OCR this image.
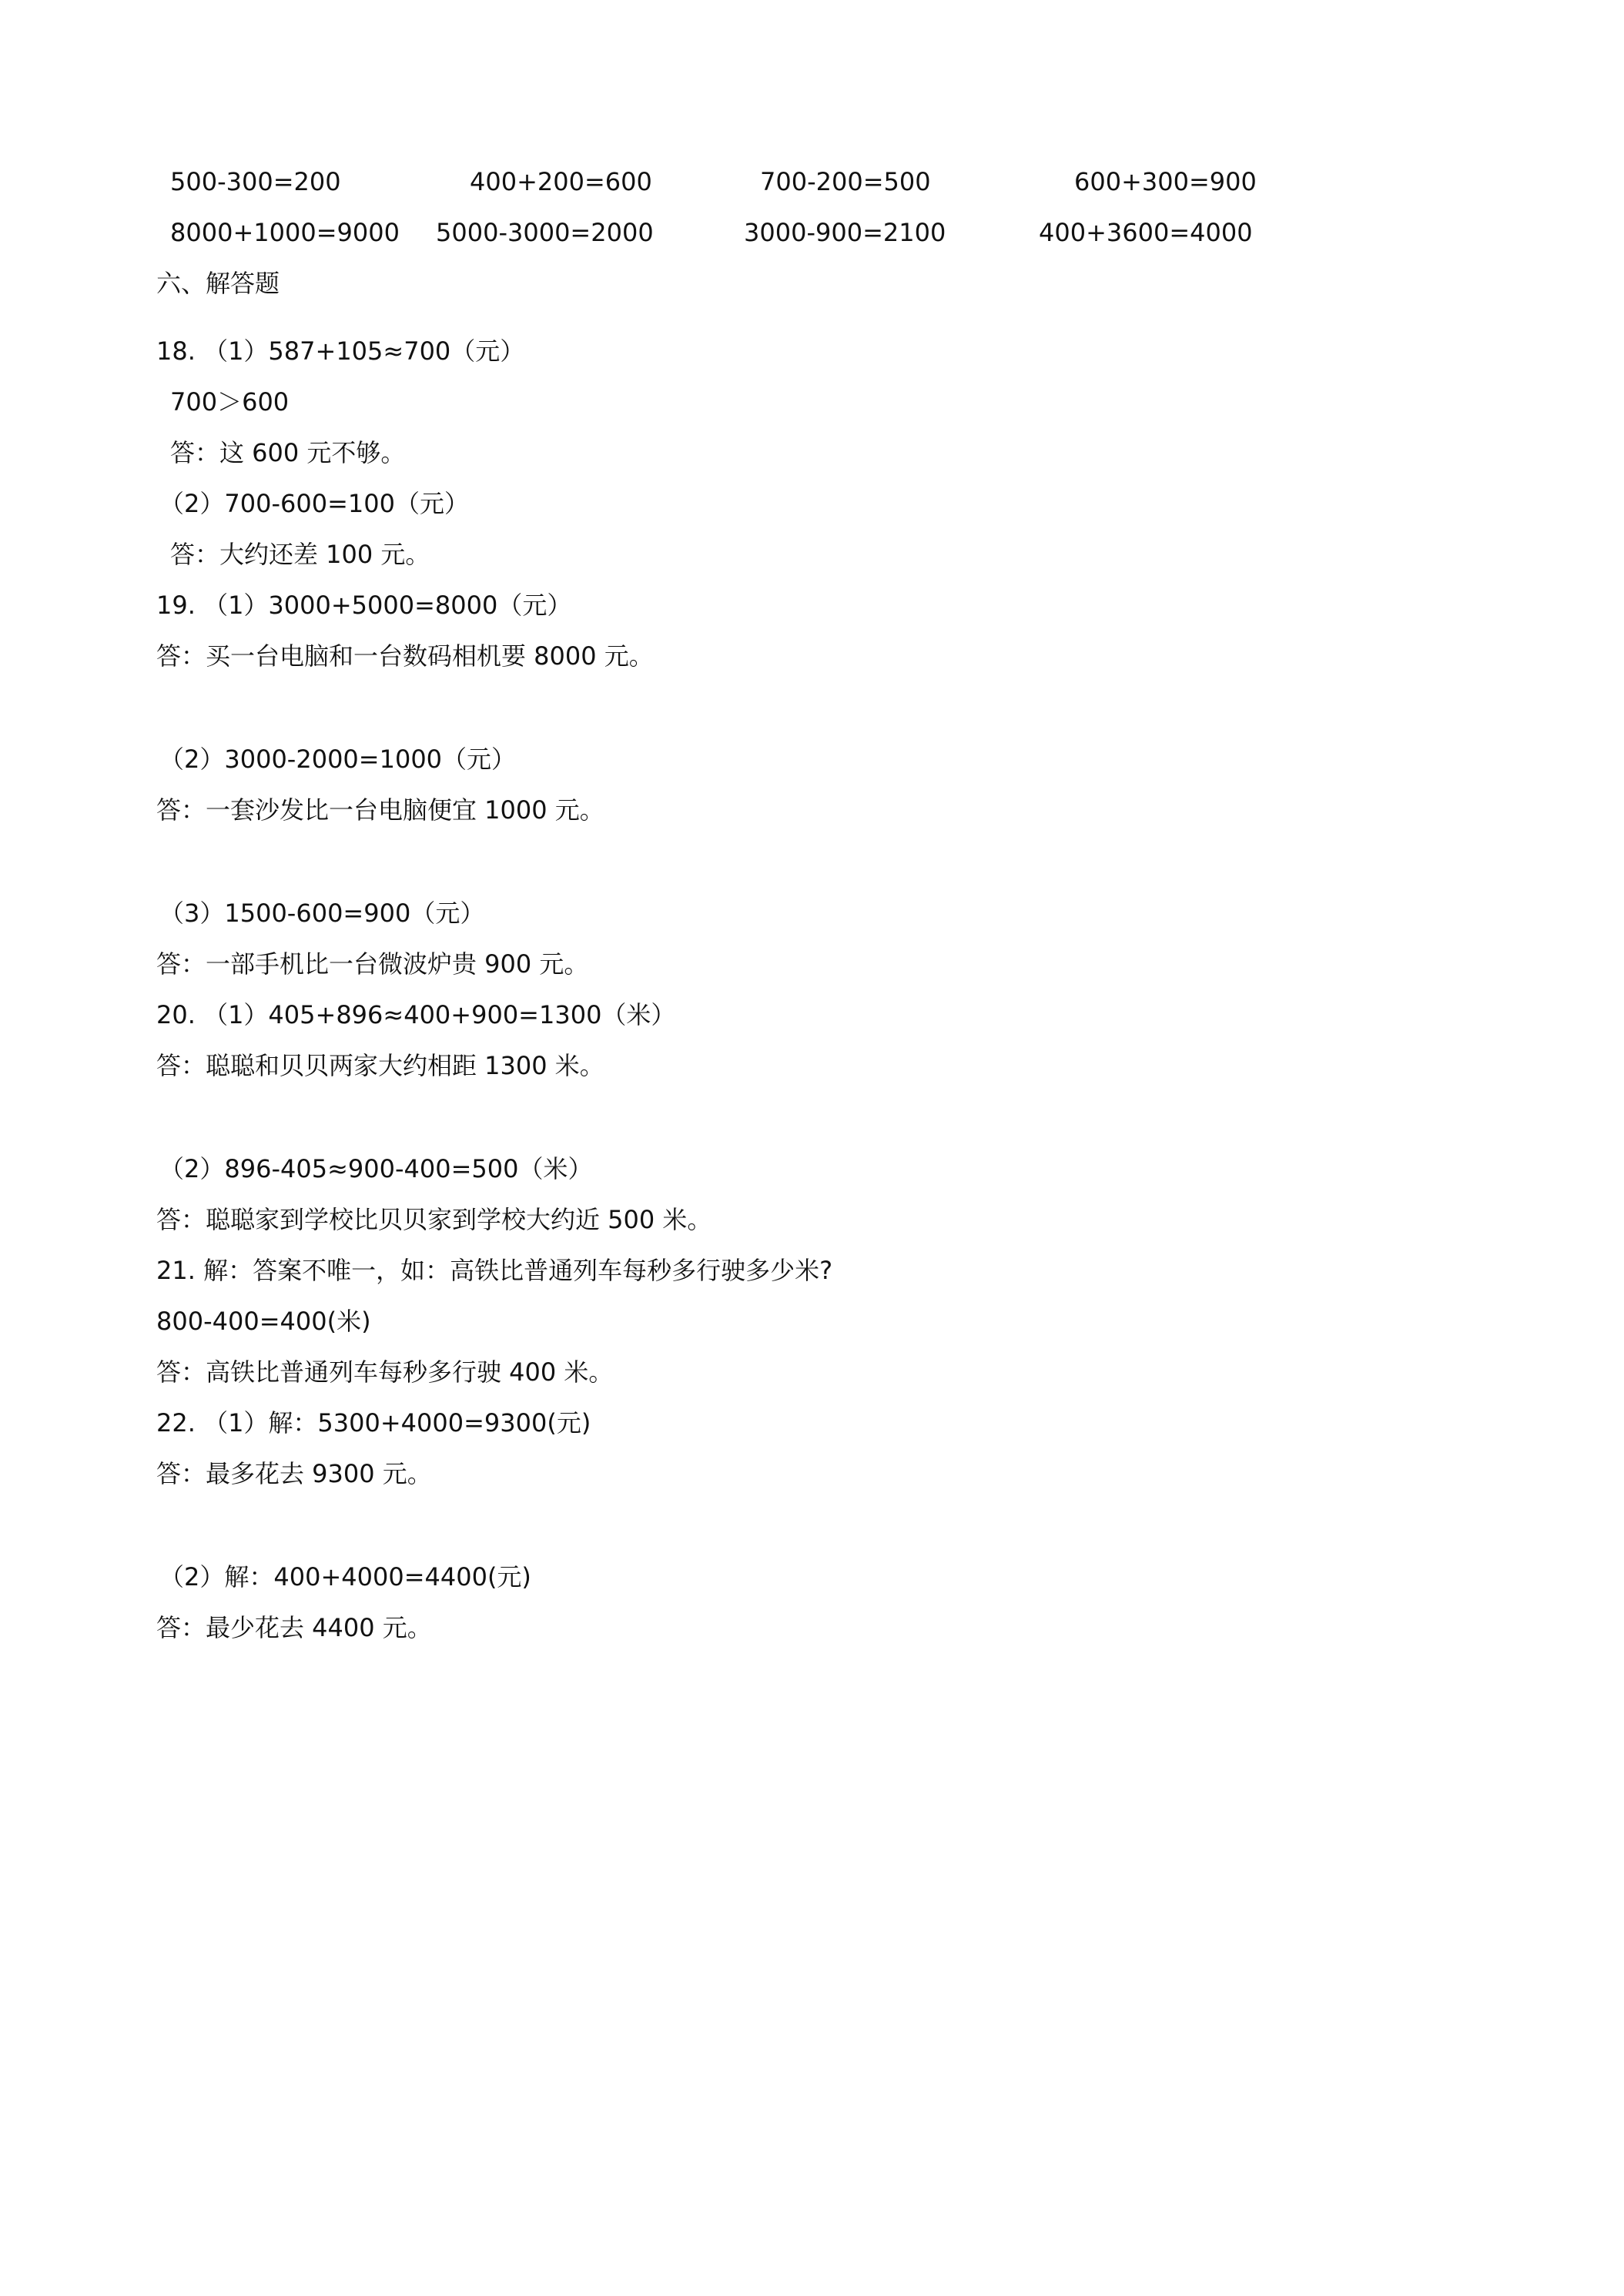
500-300=200	400+200=600	700-200=500	600+300=900
8000+1000=9000 5000-3000=2000	3000-900=2100	400+3600=4000
六、解答题
18. （1）587+105≈700（元）
700＞600
答：这 600 元不够。
（2）700-600=100（元）
答：大约还差 100 元。
19. （1）3000+5000=8000（元）
答：买一台电脑和一台数码相机要 8000 元。
（2）3000-2000=1000（元）
答：一套沙发比一台电脑便宜 1000 元。
（3）1500-600=900（元）
答：一部手机比一台微波炉贵 900 元。
20. （1）405+896≈400+900=1300（米）
答：聪聪和贝贝两家大约相距 1300 米。
（2）896-405≈900-400=500（米）
答：聪聪家到学校比贝贝家到学校大约近 500 米。
21. 解：答案不唯一，如：高铁比普通列车每秒多行驶多少米?
800-400=400(米)
答：高铁比普通列车每秒多行驶 400 米。
22. （1）解：5300+4000=9300(元)
答：最多花去 9300 元。
（2）解：400+4000=4400(元)
答：最少花去 4400 元。
